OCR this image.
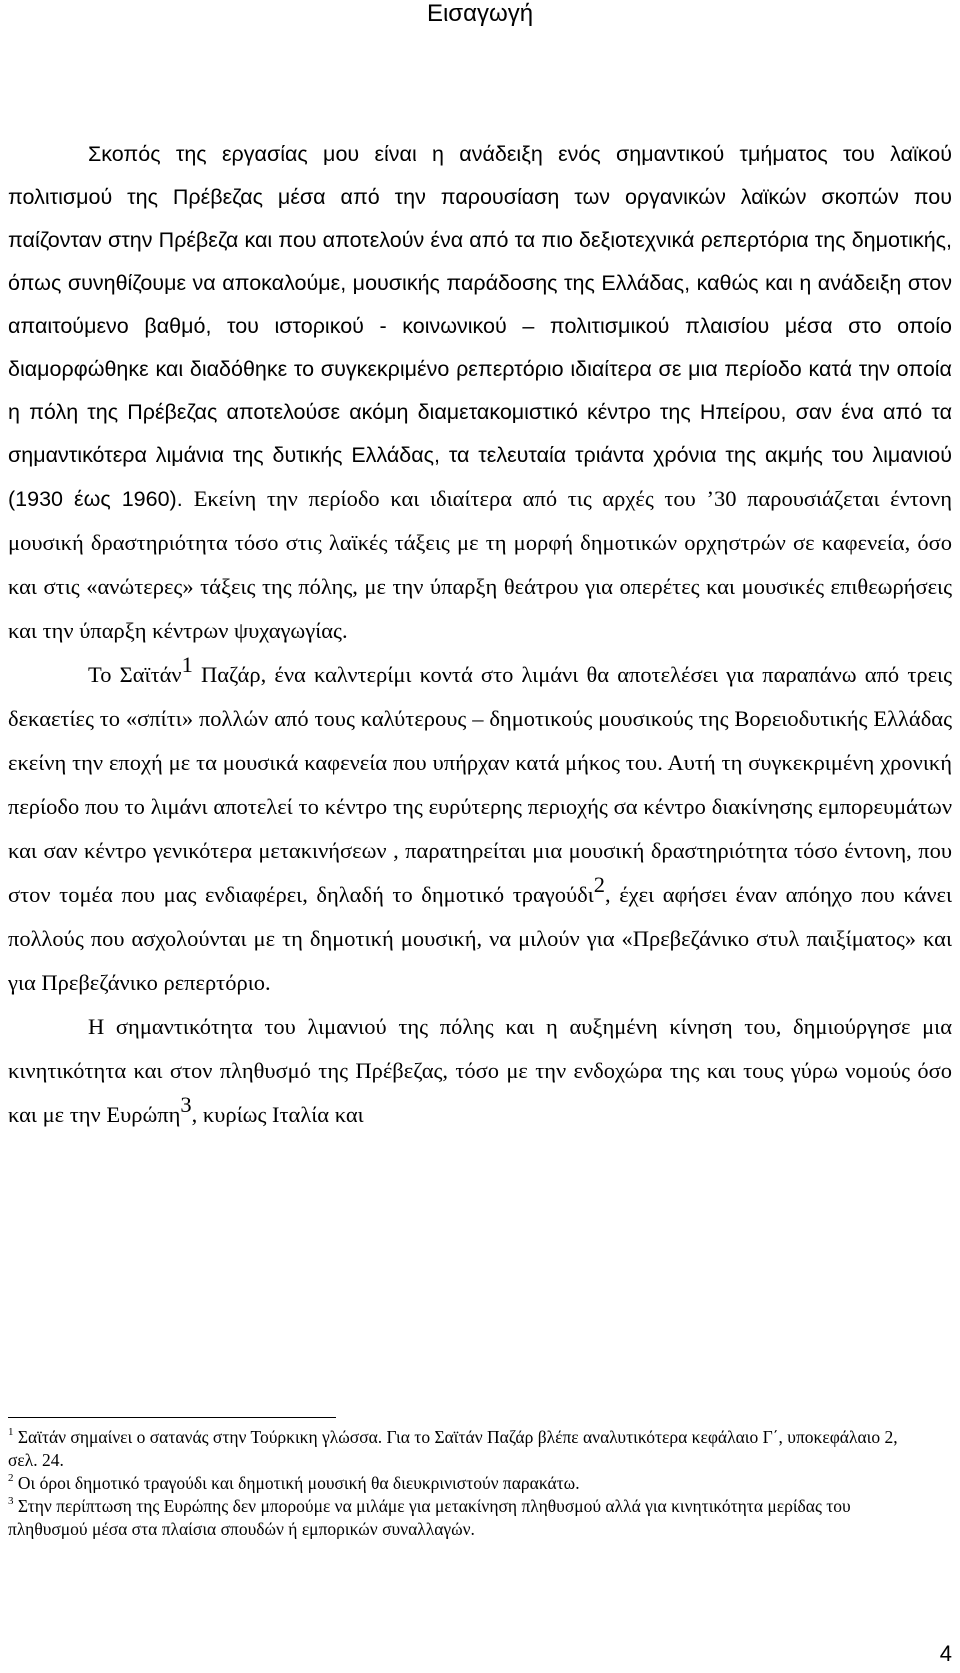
Εισαγωγή

Σκοπός της εργασίας μου είναι η ανάδειξη ενός σημαντικού τμήματος του λαϊκού πολιτισμού της Πρέβεζας μέσα από την παρουσίαση των οργανικών λαϊκών σκοπών που παίζονταν στην Πρέβεζα και που αποτελούν ένα από τα πιο δεξιοτεχνικά ρεπερτόρια της δημοτικής, όπως συνηθίζουμε να αποκαλούμε, μουσικής παράδοσης της Ελλάδας, καθώς και η ανάδειξη στον απαιτούμενο βαθμό, του ιστορικού - κοινωνικού – πολιτισμικού πλαισίου μέσα στο οποίο διαμορφώθηκε και διαδόθηκε το συγκεκριμένο ρεπερτόριο ιδιαίτερα σε μια περίοδο κατά την οποία η πόλη της Πρέβεζας αποτελούσε ακόμη διαμετακομιστικό κέντρο της Ηπείρου, σαν ένα από τα σημαντικότερα λιμάνια της δυτικής Ελλάδας, τα τελευταία τριάντα χρόνια της ακμής του λιμανιού (1930 έως 1960). Εκείνη την περίοδο και ιδιαίτερα από τις αρχές του ’30 παρουσιάζεται έντονη μουσική δραστηριότητα τόσο στις λαϊκές τάξεις με τη μορφή δημοτικών ορχηστρών σε καφενεία, όσο και στις «ανώτερες» τάξεις της πόλης, με την ύπαρξη θεάτρου για οπερέτες και μουσικές επιθεωρήσεις και την ύπαρξη κέντρων ψυχαγωγίας.

Το Σαϊτάν$^1$ Παζάρ, ένα καλντερίμι κοντά στο λιμάνι θα αποτελέσει για παραπάνω από τρεις δεκαετίες το «σπίτι» πολλών από τους καλύτερους – δημοτικούς μουσικούς της Βορειοδυτικής Ελλάδας εκείνη την εποχή με τα μουσικά καφενεία που υπήρχαν κατά μήκος του. Αυτή τη συγκεκριμένη χρονική περίοδο που το λιμάνι αποτελεί το κέντρο της ευρύτερης περιοχής σα κέντρο διακίνησης εμπορευμάτων και σαν κέντρο γενικότερα μετακινήσεων , παρατηρείται μια μουσική δραστηριότητα τόσο έντονη, που στον τομέα που μας ενδιαφέρει, δηλαδή το δημοτικό τραγούδι$^2$, έχει αφήσει έναν απόηχο που κάνει πολλούς που ασχολούνται με τη δημοτική μουσική, να μιλούν για «Πρεβεζάνικο στυλ παιξίματος» και για Πρεβεζάνικο ρεπερτόριο.

Η σημαντικότητα του λιμανιού της πόλης και η αυξημένη κίνηση του, δημιούργησε μια κινητικότητα και στον πληθυσμό της Πρέβεζας, τόσο με την ενδοχώρα της και τους γύρω νομούς όσο και με την Ευρώπη$^3$, κυρίως Ιταλία και

$^1$ Σαϊτάν σημαίνει ο σατανάς στην Τούρκικη γλώσσα. Για το Σαϊτάν Παζάρ βλέπε αναλυτικότερα κεφάλαιο Γ΄, υποκεφάλαιο 2, σελ. 24.

$^2$ Οι όροι δημοτικό τραγούδι και δημοτική μουσική θα διευκρινιστούν παρακάτω.

$^3$ Στην περίπτωση της Ευρώπης δεν μπορούμε να μιλάμε για μετακίνηση πληθυσμού αλλά για κινητικότητα μερίδας του πληθυσμού μέσα στα πλαίσια σπουδών ή εμπορικών συναλλαγών.

4
